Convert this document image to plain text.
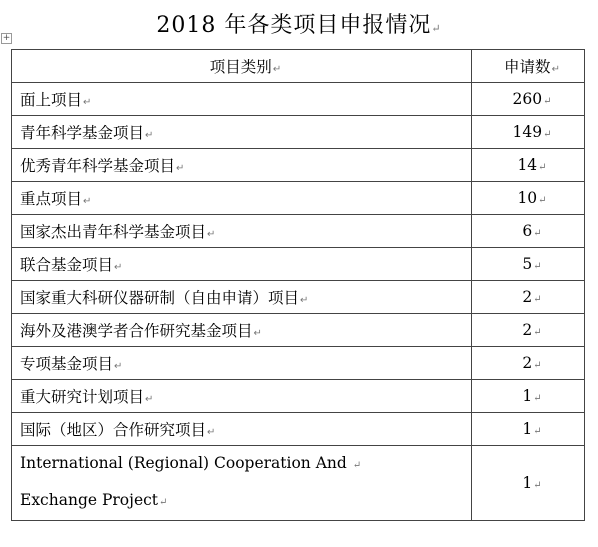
2018 年各类项目申报情况↵
+
项目类别↵	申请数↵
面上项目↵	260↵
青年科学基金项目↵	149↵
优秀青年科学基金项目↵	14↵
重点项目↵	10↵
国家杰出青年科学基金项目↵	6↵
联合基金项目↵	5↵
国家重大科研仪器研制（自由申请）项目↵	2↵
海外及港澳学者合作研究基金项目↵	2↵
专项基金项目↵	2↵
重大研究计划项目↵	1↵
国际（地区）合作研究项目↵	1↵
International (Regional) Cooperation And ↵
Exchange Project↵	1↵
